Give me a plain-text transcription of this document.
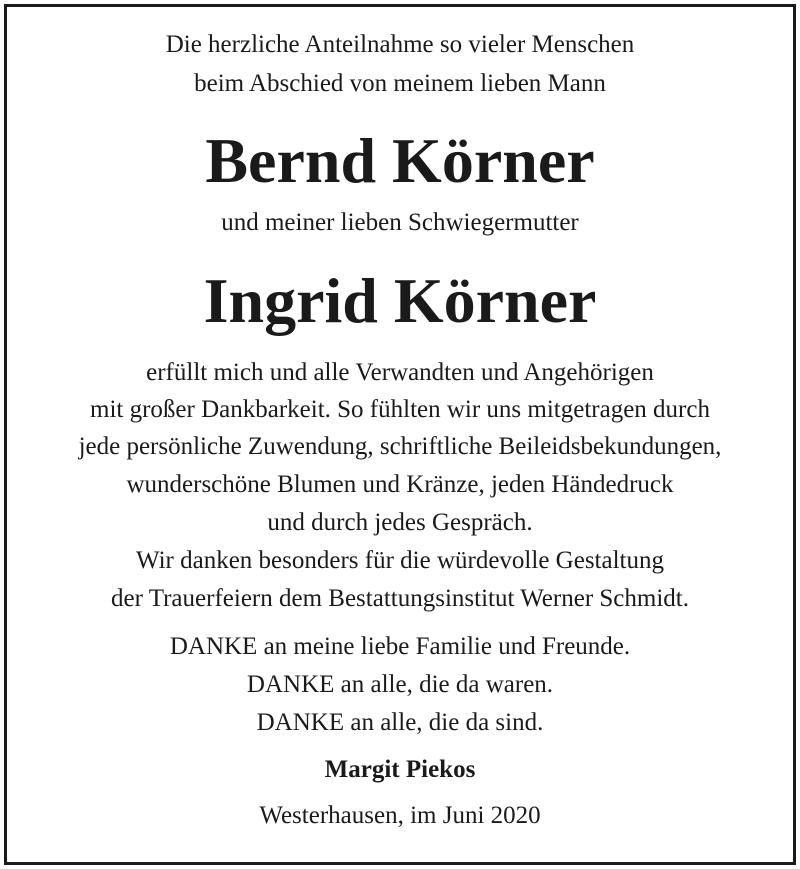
Die herzliche Anteilnahme so vieler Menschen
beim Abschied von meinem lieben Mann
Bernd Körner
und meiner lieben Schwiegermutter
Ingrid Körner
erfüllt mich und alle Verwandten und Angehörigen
mit großer Dankbarkeit. So fühlten wir uns mitgetragen durch
jede persönliche Zuwendung, schriftliche Beileidsbekundungen,
wunderschöne Blumen und Kränze, jeden Händedruck
und durch jedes Gespräch.
Wir danken besonders für die würdevolle Gestaltung
der Trauerfeiern dem Bestattungsinstitut Werner Schmidt.
DANKE an meine liebe Familie und Freunde.
DANKE an alle, die da waren.
DANKE an alle, die da sind.
Margit Piekos
Westerhausen, im Juni 2020
